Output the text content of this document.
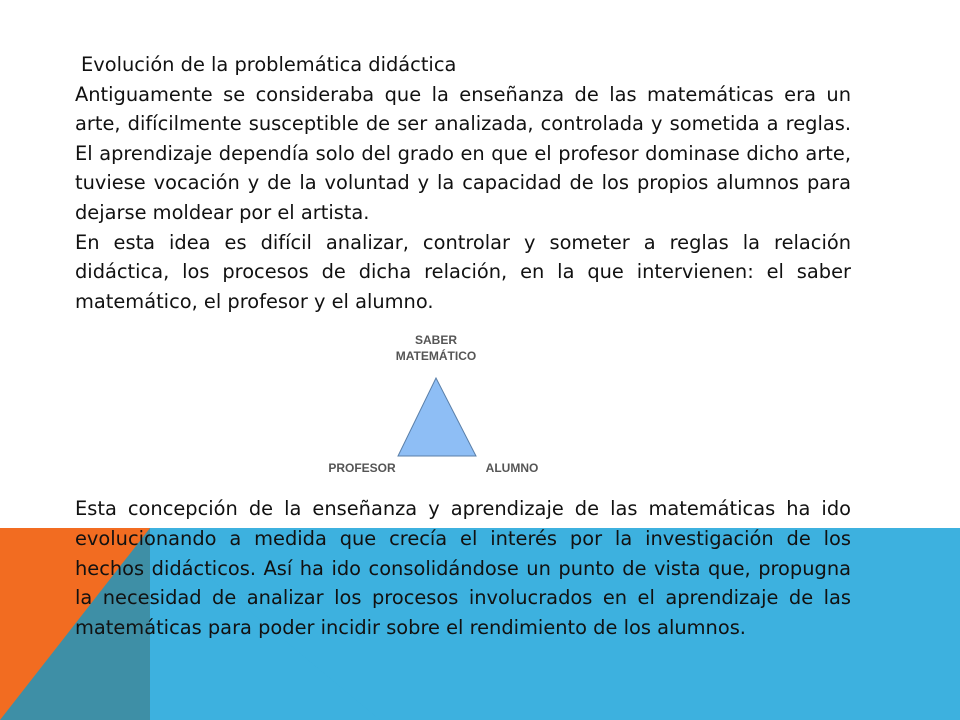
Evolución de la problemática didáctica

Antiguamente se consideraba que la enseñanza de las matemáticas era un arte, difícilmente susceptible de ser analizada, controlada y sometida a reglas. El aprendizaje dependía solo del grado en que el profesor dominase dicho arte, tuviese vocación y de la voluntad y la capacidad de los propios alumnos para dejarse moldear por el artista.

En esta idea es difícil analizar, controlar y someter a reglas la relación didáctica, los procesos de dicha relación, en la que intervienen: el saber matemático, el profesor y el alumno.

SABER
MATEMÁTICO
PROFESOR	ALUMNO

Esta concepción de la enseñanza y aprendizaje de las matemáticas ha ido evolucionando a medida que crecía el interés por la investigación de los hechos didácticos. Así ha ido consolidándose un punto de vista que, propugna la necesidad de analizar los procesos involucrados en el aprendizaje de las matemáticas para poder incidir sobre el rendimiento de los alumnos.
